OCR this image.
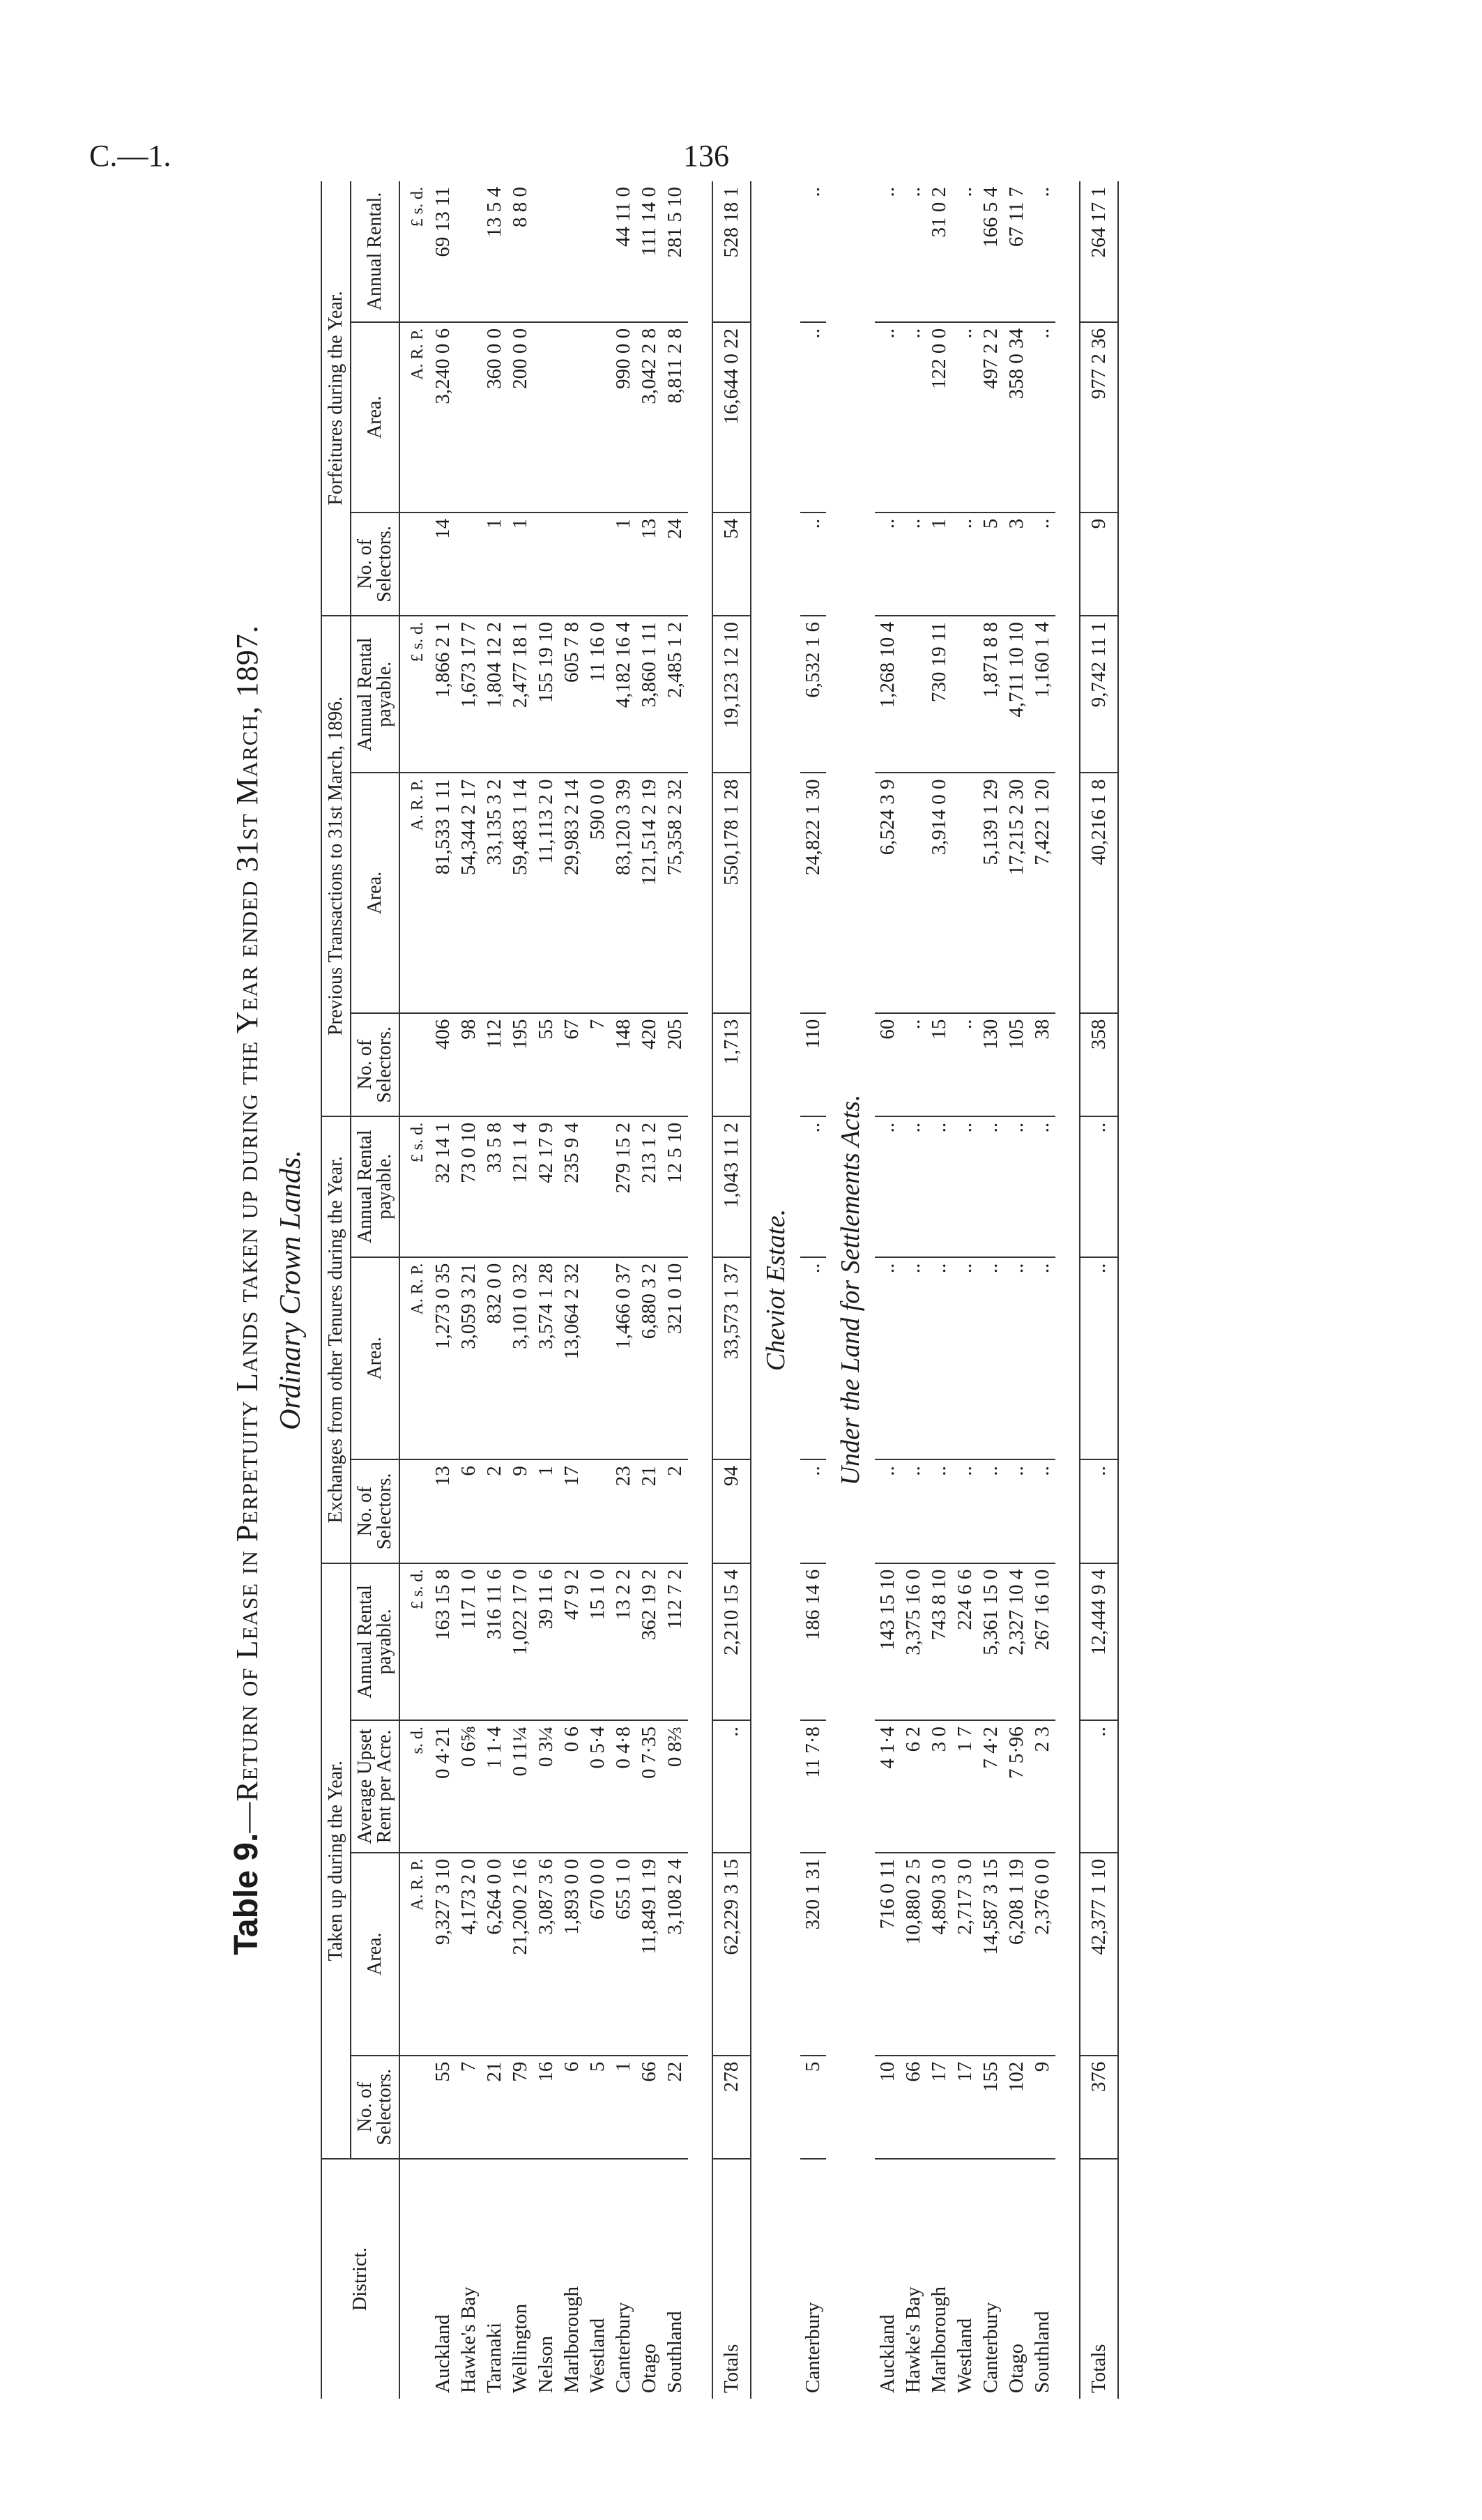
C.—1.	136
Table 9.—Return of Lease in Perpetuity Lands taken up during the Year ended 31st March, 1897. Ordinary Crown Lands.
District.	Taken up during the Year.				Exchanges from other Tenures during the Year.			Previous Transactions to 31st March, 1896.			Forfeitures during the Year.		
	No. of Selectors.	Area.	Average Upset Rent per Acre.	Annual Rental payable.	No. of Selectors.	Area.	Annual Rental payable.	No. of Selectors.	Area.	Annual Rental payable.	No. of Selectors.	Area.	Annual Rental.
		A. R. P.	s. d.	£ s. d.		A. R. P.	£ s. d.		A. R. P.	£ s. d.		A. R. P.	£ s. d.
Auckland	55	9,327 3 10	0 4·21	163 15 8	13	1,273 0 35	32 14 1	406	81,533 1 11	1,866 2 1	14	3,240 0 6	69 13 11
Hawke's Bay	7	4,173 2 0	0 6⅝	117 1 0	6	3,059 3 21	73 0 10	98	54,344 2 17	1,673 17 7			
Taranaki	21	6,264 0 0	1 1·4	316 11 6	2	832 0 0	33 5 8	112	33,135 3 2	1,804 12 2	1	360 0 0	13 5 4
Wellington	79	21,200 2 16	0 11¼	1,022 17 0	9	3,101 0 32	121 1 4	195	59,483 1 14	2,477 18 1	1	200 0 0	8 8 0
Nelson	16	3,087 3 6	0 3¼	39 11 6	1	3,574 1 28	42 17 9	55	11,113 2 0	155 19 10			
Marlborough	6	1,893 0 0	0 6	47 9 2	17	13,064 2 32	235 9 4	67	29,983 2 14	605 7 8			
Westland	5	670 0 0	0 5·4	15 1 0				7	590 0 0	11 16 0			
Canterbury	1	655 1 0	0 4·8	13 2 2	23	1,466 0 37	279 15 2	148	83,120 3 39	4,182 16 4	1	990 0 0	44 11 0
Otago	66	11,849 1 19	0 7·35	362 19 2	21	6,880 3 2	213 1 2	420	121,514 2 19	3,860 1 11	13	3,042 2 8	111 14 0
Southland	22	3,108 2 4	0 8⅔	112 7 2	2	321 0 10	12 5 10	205	75,358 2 32	2,485 1 2	24	8,811 2 8	281 5 10

Totals	278	62,229 3 15	..	2,210 15 4	94	33,573 1 37	1,043 11 2	1,713	550,178 1 28	19,123 12 10	54	16,644 0 22	528 18 1
Cheviot Estate.													
Canterbury	5	320 1 31	11 7·8	186 14 6	..	..	..	110	24,822 1 30	6,532 1 6	..	..	..
Under the Land for Settlements Acts.													
Auckland	10	716 0 11	4 1·4	143 15 10	..	..	..	60	6,524 3 9	1,268 10 4	..	..	..
Hawke's Bay	66	10,880 2 5	6 2	3,375 16 0	..	..	..	..			..	..	..
Marlborough	17	4,890 3 0	3 0	743 8 10	..	..	..	15	3,914 0 0	730 19 11	1	122 0 0	31 0 2
Westland	17	2,717 3 0	1 7	224 6 6	..	..	..	..			..	..	..
Canterbury	155	14,587 3 15	7 4·2	5,361 15 0	..	..	..	130	5,139 1 29	1,871 8 8	5	497 2 2	166 5 4
Otago	102	6,208 1 19	7 5·96	2,327 10 4	..	..	..	105	17,215 2 30	4,711 10 10	3	358 0 34	67 11 7
Southland	9	2,376 0 0	2 3	267 16 10	..	..	..	38	7,422 1 20	1,160 1 4	..	..	..

Totals	376	42,377 1 10	..	12,444 9 4	..	..	..	358	40,216 1 8	9,742 11 1	9	977 2 36	264 17 1
